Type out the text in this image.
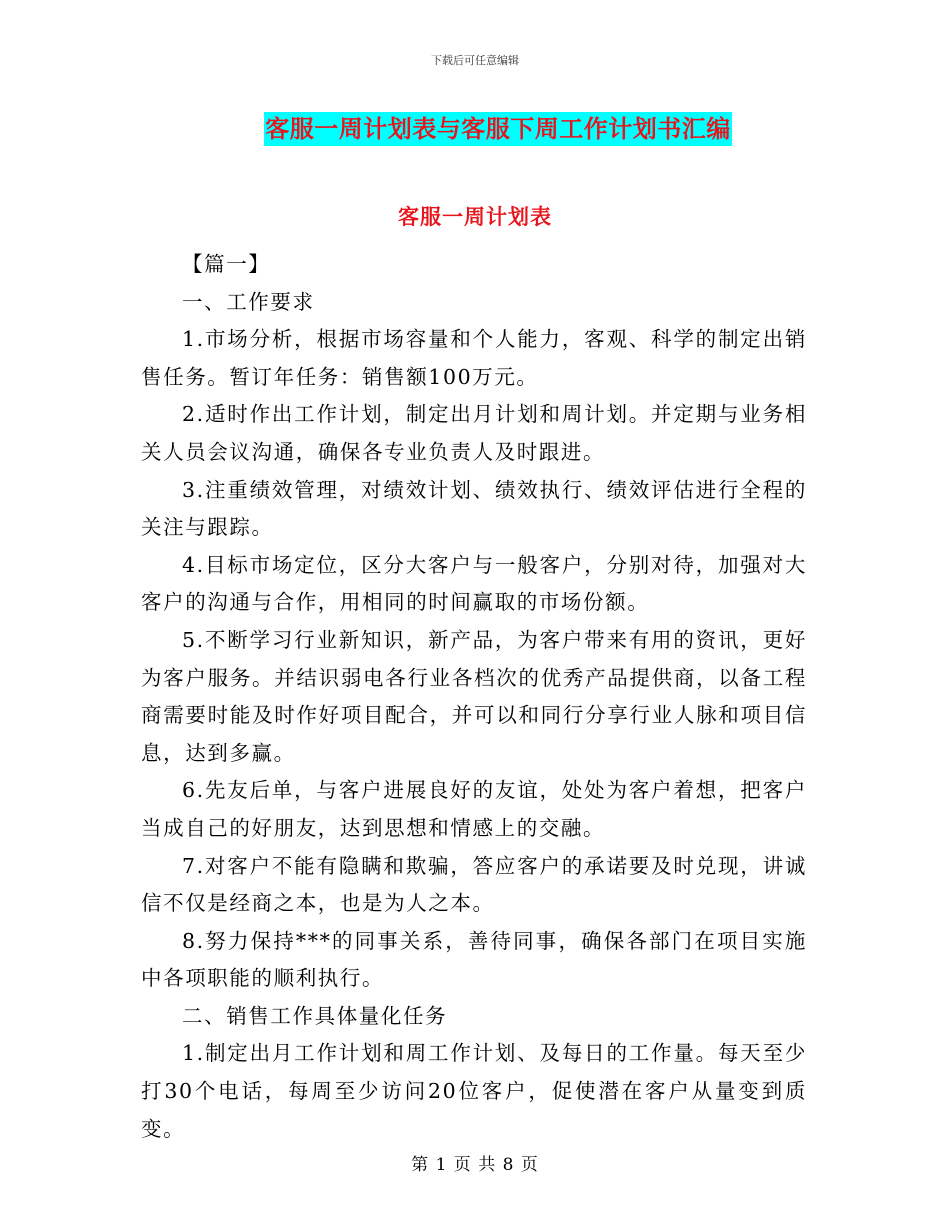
下载后可任意编辑
客服一周计划表与客服下周工作计划书汇编
客服一周计划表

【篇一】

一、工作要求

1.市场分析，根据市场容量和个人能力，客观、科学的制定出销售任务。暂订年任务：销售额100万元。

2.适时作出工作计划，制定出月计划和周计划。并定期与业务相关人员会议沟通，确保各专业负责人及时跟进。

3.注重绩效管理，对绩效计划、绩效执行、绩效评估进行全程的关注与跟踪。

4.目标市场定位，区分大客户与一般客户，分别对待，加强对大客户的沟通与合作，用相同的时间赢取的市场份额。

5.不断学习行业新知识，新产品，为客户带来有用的资讯，更好为客户服务。并结识弱电各行业各档次的优秀产品提供商，以备工程商需要时能及时作好项目配合，并可以和同行分享行业人脉和项目信息，达到多赢。

6.先友后单，与客户进展良好的友谊，处处为客户着想，把客户当成自己的好朋友，达到思想和情感上的交融。

7.对客户不能有隐瞒和欺骗，答应客户的承诺要及时兑现，讲诚信不仅是经商之本，也是为人之本。

8.努力保持***的同事关系，善待同事，确保各部门在项目实施中各项职能的顺利执行。

二、销售工作具体量化任务

1.制定出月工作计划和周工作计划、及每日的工作量。每天至少打30个电话，每周至少访问20位客户，促使潜在客户从量变到质变。

第 1 页 共 8 页
